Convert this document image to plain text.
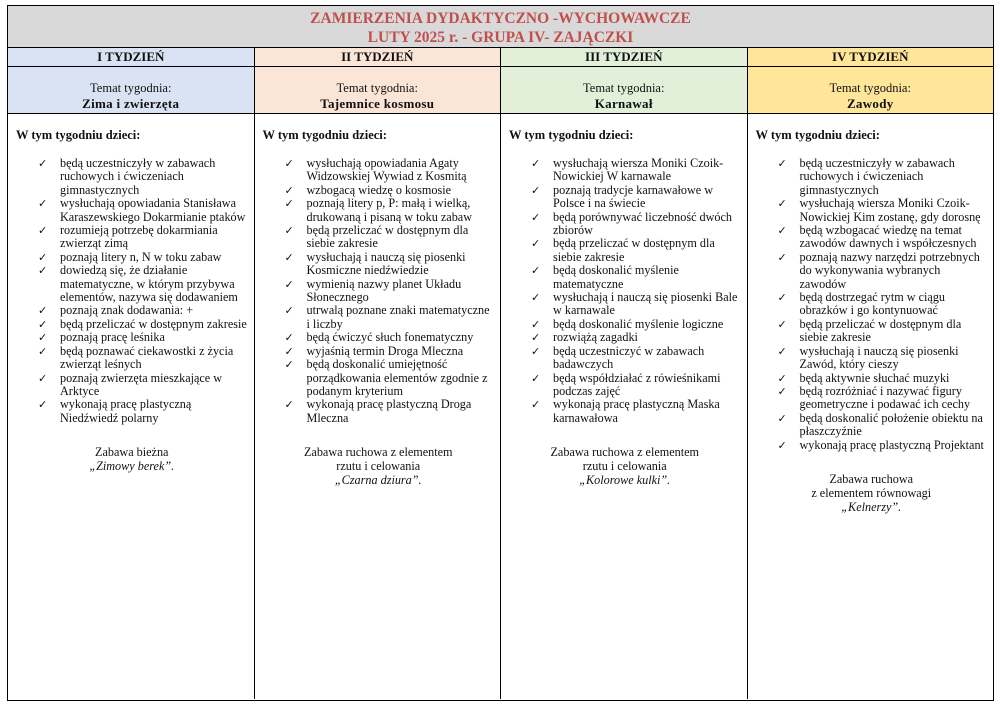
ZAMIERZENIA DYDAKTYCZNO -WYCHOWAWCZE
LUTY 2025 r. - GRUPA IV- ZAJĄCZKI
I TYDZIEŃ
Temat tygodnia:
Zima i zwierzęta
W tym tygodniu dzieci:
✓ będą uczestniczyły w zabawach ruchowych i ćwiczeniach gimnastycznych
✓ wysłuchają opowiadania Stanisława Karaszewskiego Dokarmianie ptaków
✓ rozumieją potrzebę dokarmiania zwierząt zimą
✓ poznają litery n, N w toku zabaw
✓ dowiedzą się, że działanie matematyczne, w którym przybywa elementów, nazywa się dodawaniem
✓ poznają znak dodawania: +
✓ będą przeliczać w dostępnym zakresie
✓ poznają pracę leśnika
✓ będą poznawać ciekawostki z życia zwierząt leśnych
✓ poznają zwierzęta mieszkające w Arktyce
✓ wykonają pracę plastyczną Niedźwiedź polarny
Zabawa bieżna
„Zimowy berek”.
II TYDZIEŃ
Temat tygodnia:
Tajemnice kosmosu
W tym tygodniu dzieci:
✓ wysłuchają opowiadania Agaty Widzowskiej Wywiad z Kosmitą
✓ wzbogacą wiedzę o kosmosie
✓ poznają litery p, P: małą i wielką, drukowaną i pisaną w toku zabaw
✓ będą przeliczać w dostępnym dla siebie zakresie
✓ wysłuchają i nauczą się piosenki Kosmiczne niedźwiedzie
✓ wymienią nazwy planet Układu Słonecznego
✓ utrwalą poznane znaki matematyczne i liczby
✓ będą ćwiczyć słuch fonematyczny
✓ wyjaśnią termin Droga Mleczna
✓ będą doskonalić umiejętność porządkowania elementów zgodnie z podanym kryterium
✓ wykonają pracę plastyczną Droga Mleczna
Zabawa ruchowa z elementem
rzutu i celowania
„Czarna dziura”.
III TYDZIEŃ
Temat tygodnia:
Karnawał
W tym tygodniu dzieci:
✓ wysłuchają wiersza Moniki Czoik-Nowickiej W karnawale
✓ poznają tradycje karnawałowe w Polsce i na świecie
✓ będą porównywać liczebność dwóch zbiorów
✓ będą przeliczać w dostępnym dla siebie zakresie
✓ będą doskonalić myślenie matematyczne
✓ wysłuchają i nauczą się piosenki Bale w karnawale
✓ będą doskonalić myślenie logiczne
✓ rozwiążą zagadki
✓ będą uczestniczyć w zabawach badawczych
✓ będą współdziałać z rówieśnikami podczas zajęć
✓ wykonają pracę plastyczną Maska karnawałowa
Zabawa ruchowa z elementem
rzutu i celowania
„Kolorowe kulki”.
IV TYDZIEŃ
Temat tygodnia:
Zawody
W tym tygodniu dzieci:
✓ będą uczestniczyły w zabawach ruchowych i ćwiczeniach gimnastycznych
✓ wysłuchają wiersza Moniki Czoik-Nowickiej Kim zostanę, gdy dorosnę
✓ będą wzbogacać wiedzę na temat zawodów dawnych i współczesnych
✓ poznają nazwy narzędzi potrzebnych do wykonywania wybranych zawodów
✓ będą dostrzegać rytm w ciągu obrazków i go kontynuować
✓ będą przeliczać w dostępnym dla siebie zakresie
✓ wysłuchają i nauczą się piosenki Zawód, który cieszy
✓ będą aktywnie słuchać muzyki
✓ będą rozróżniać i nazywać figury geometryczne i podawać ich cechy
✓ będą doskonalić położenie obiektu na płaszczyźnie
✓ wykonają pracę plastyczną Projektant
Zabawa ruchowa
z elementem równowagi
„Kelnerzy”.
